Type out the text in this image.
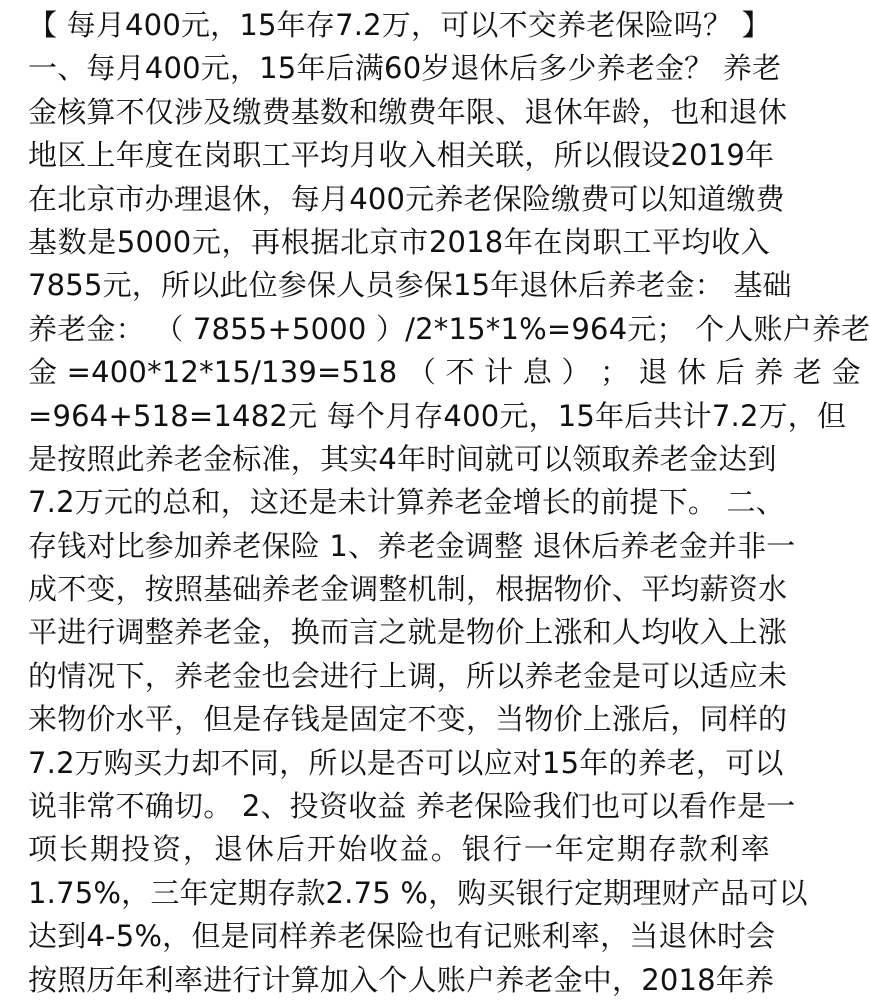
【 每月400元，15年存7.2万，可以不交养老保险吗？ 】
一、每月400元，15年后满60岁退休后多少养老金？ 养老
金核算不仅涉及缴费基数和缴费年限、退休年龄，也和退休
地区上年度在岗职工平均月收入相关联，所以假设2019年
在北京市办理退休，每月400元养老保险缴费可以知道缴费
基数是5000元，再根据北京市2018年在岗职工平均收入
7855元，所以此位参保人员参保15年退休后养老金： 基础
养老金： （ 7855+5000 ）/2*15*1%=964元； 个人账户养老
金 =400*12*15/139=518 （ 不 计 息 ） ； 退 休 后 养 老 金
=964+518=1482元 每个月存400元，15年后共计7.2万，但
是按照此养老金标准，其实4年时间就可以领取养老金达到
7.2万元的总和，这还是未计算养老金增长的前提下。 二、
存钱对比参加养老保险 1、养老金调整 退休后养老金并非一
成不变，按照基础养老金调整机制，根据物价、平均薪资水
平进行调整养老金，换而言之就是物价上涨和人均收入上涨
的情况下，养老金也会进行上调，所以养老金是可以适应未
来物价水平，但是存钱是固定不变，当物价上涨后，同样的
7.2万购买力却不同，所以是否可以应对15年的养老，可以
说非常不确切。 2、投资收益 养老保险我们也可以看作是一
项长期投资，退休后开始收益。银行一年定期存款利率
1.75%，三年定期存款2.75 %，购买银行定期理财产品可以
达到4-5%，但是同样养老保险也有记账利率，当退休时会
按照历年利率进行计算加入个人账户养老金中，2018年养
